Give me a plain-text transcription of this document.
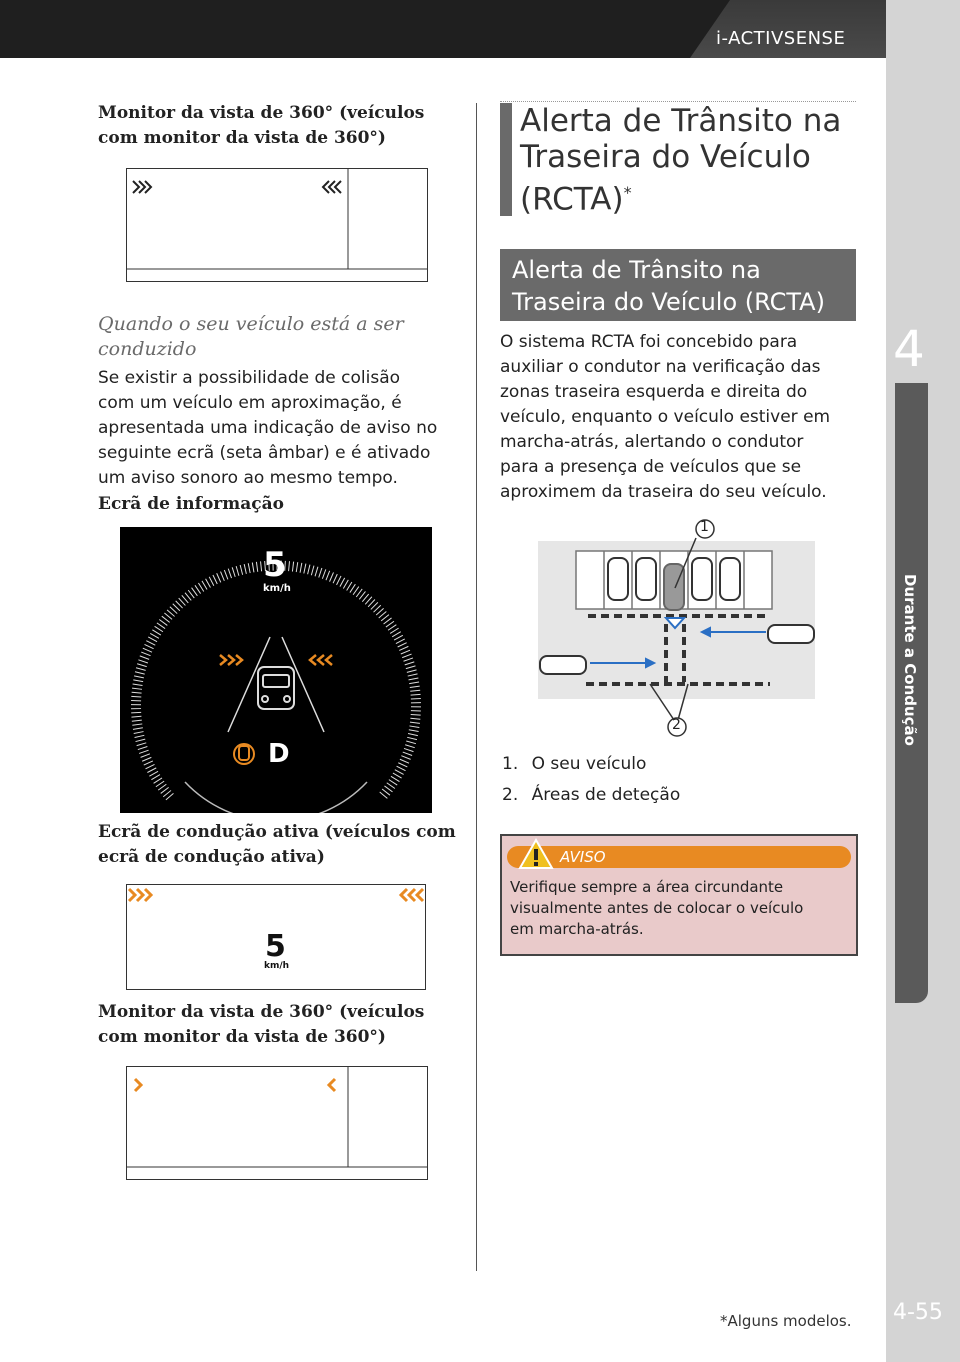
i-ACTIVSENSE
4
Durante a Condução
4-55
*Alguns modelos.
Monitor da vista de 360° (veículos
com monitor da vista de 360°)
Quando o seu veículo está a ser
conduzido
Se existir a possibilidade de colisão
com um veículo em aproximação, é
apresentada uma indicação de aviso no
seguinte ecrã (seta âmbar) e é ativado
um aviso sonoro ao mesmo tempo.
Ecrã de informação
5
km/h
D
Ecrã de condução ativa (veículos com
ecrã de condução ativa)
5
km/h
Monitor da vista de 360° (veículos
com monitor da vista de 360°)
Alerta de Trânsito na
Traseira do Veículo
(RCTA)*
Alerta de Trânsito na
Traseira do Veículo (RCTA)
O sistema RCTA foi concebido para
auxiliar o condutor na verificação das
zonas traseira esquerda e direita do
veículo, enquanto o veículo estiver em
marcha-atrás, alertando o condutor
para a presença de veículos que se
aproximem da traseira do seu veículo.
1
2
1. O seu veículo
2. Áreas de deteção
AVISO
Verifique sempre a área circundante
visualmente antes de colocar o veículo
em marcha-atrás.
